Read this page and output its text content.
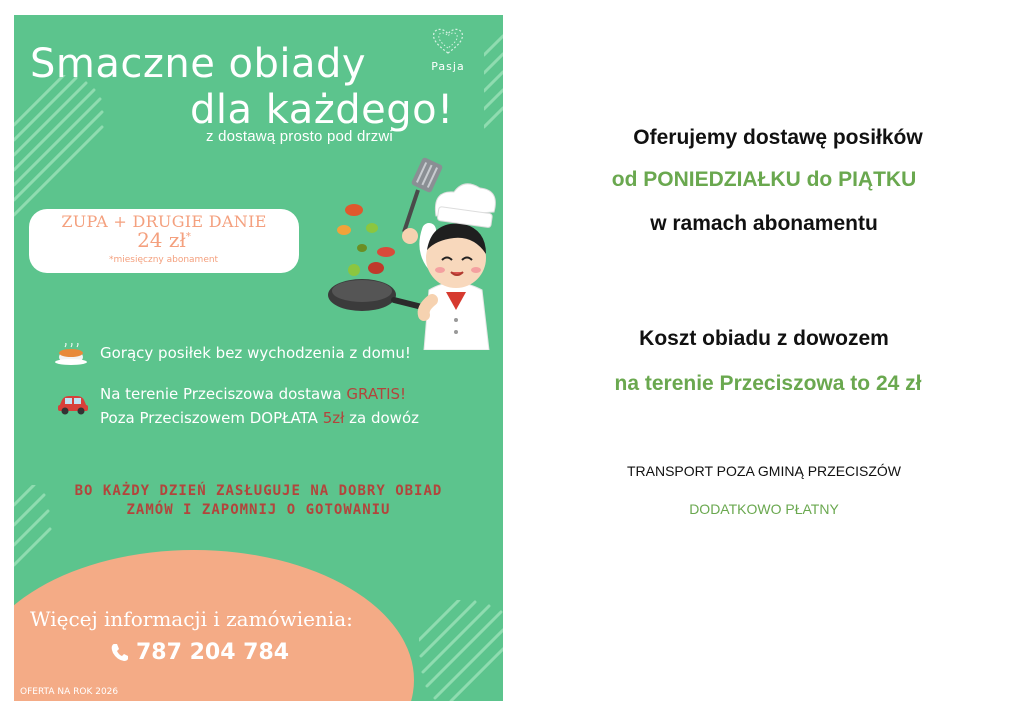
Smaczne obiady
dla każdego!
z dostawą prosto pod drzwi
Pasja
ZUPA + DRUGIE DANIE
24 zł*
*miesięczny abonament
Gorący posiłek bez wychodzenia z domu!
Na terenie Przeciszowa dostawa GRATIS!
Poza Przeciszowem DOPŁATA 5zł za dowóz
BO KAŻDY DZIEŃ ZASŁUGUJE NA DOBRY OBIAD
ZAMÓW I ZAPOMNIJ O GOTOWANIU
Więcej informacji i zamówienia:
787 204 784
OFERTA NA ROK 2026
Oferujemy dostawę posiłków
od PONIEDZIAŁKU do PIĄTKU
w ramach abonamentu
Koszt obiadu z dowozem
na terenie Przeciszowa to 24 zł
TRANSPORT POZA GMINĄ PRZECISZÓW
DODATKOWO PŁATNY
